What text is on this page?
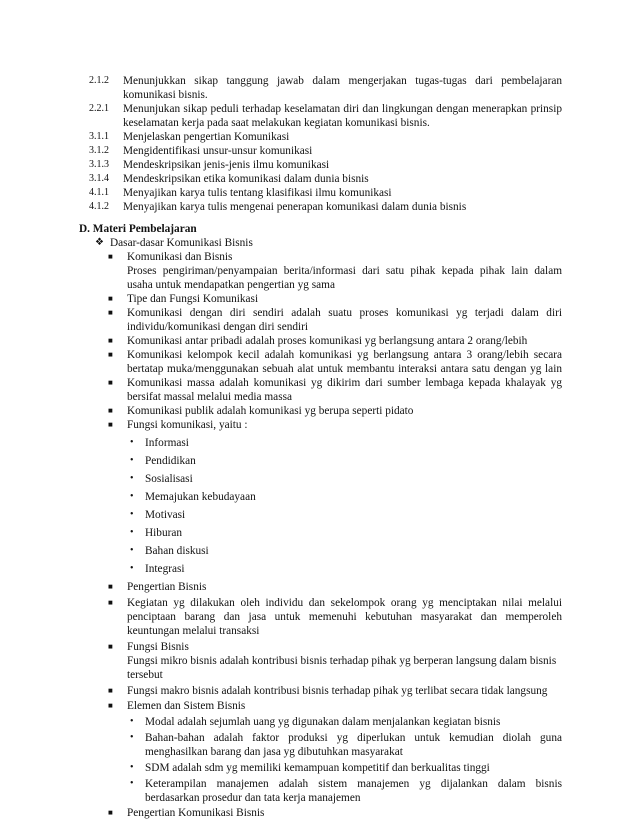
2.1.2 Menunjukkan sikap tanggung jawab dalam mengerjakan tugas-tugas dari pembelajaran
komunikasi bisnis.
2.2.1 Menunjukan sikap peduli terhadap keselamatan diri dan lingkungan dengan menerapkan prinsip
keselamatan kerja pada saat melakukan kegiatan komunikasi bisnis.
3.1.1 Menjelaskan pengertian Komunikasi
3.1.2 Mengidentifikasi unsur-unsur komunikasi
3.1.3 Mendeskripsikan jenis-jenis ilmu komunikasi
3.1.4 Mendeskripsikan etika komunikasi dalam dunia bisnis
4.1.1 Menyajikan karya tulis tentang klasifikasi ilmu komunikasi
4.1.2 Menyajikan karya tulis mengenai penerapan komunikasi dalam dunia bisnis
D. Materi Pembelajaran
❖ Dasar-dasar Komunikasi Bisnis
■ Komunikasi dan Bisnis
Proses pengiriman/penyampaian berita/informasi dari satu pihak kepada pihak lain dalam
usaha untuk mendapatkan pengertian yg sama
■ Tipe dan Fungsi Komunikasi
■ Komunikasi dengan diri sendiri adalah suatu proses komunikasi yg terjadi dalam diri
individu/komunikasi dengan diri sendiri
■ Komunikasi antar pribadi adalah proses komunikasi yg berlangsung antara 2 orang/lebih
■ Komunikasi kelompok kecil adalah komunikasi yg berlangsung antara 3 orang/lebih secara
bertatap muka/menggunakan sebuah alat untuk membantu interaksi antara satu dengan yg lain
■ Komunikasi massa adalah komunikasi yg dikirim dari sumber lembaga kepada khalayak yg
bersifat massal melalui media massa
■ Komunikasi publik adalah komunikasi yg berupa seperti pidato
■ Fungsi komunikasi, yaitu :
• Informasi
• Pendidikan
• Sosialisasi
• Memajukan kebudayaan
• Motivasi
• Hiburan
• Bahan diskusi
• Integrasi
■ Pengertian Bisnis
■ Kegiatan yg dilakukan oleh individu dan sekelompok orang yg menciptakan nilai melalui
penciptaan barang dan jasa untuk memenuhi kebutuhan masyarakat dan memperoleh
keuntungan melalui transaksi
■ Fungsi Bisnis
Fungsi mikro bisnis adalah kontribusi bisnis terhadap pihak yg berperan langsung dalam bisnis
tersebut
■ Fungsi makro bisnis adalah kontribusi bisnis terhadap pihak yg terlibat secara tidak langsung
■ Elemen dan Sistem Bisnis
• Modal adalah sejumlah uang yg digunakan dalam menjalankan kegiatan bisnis
• Bahan-bahan adalah faktor produksi yg diperlukan untuk kemudian diolah guna
menghasilkan barang dan jasa yg dibutuhkan masyarakat
• SDM adalah sdm yg memiliki kemampuan kompetitif dan berkualitas tinggi
• Keterampilan manajemen adalah sistem manajemen yg dijalankan dalam bisnis
berdasarkan prosedur dan tata kerja manajemen
■ Pengertian Komunikasi Bisnis
